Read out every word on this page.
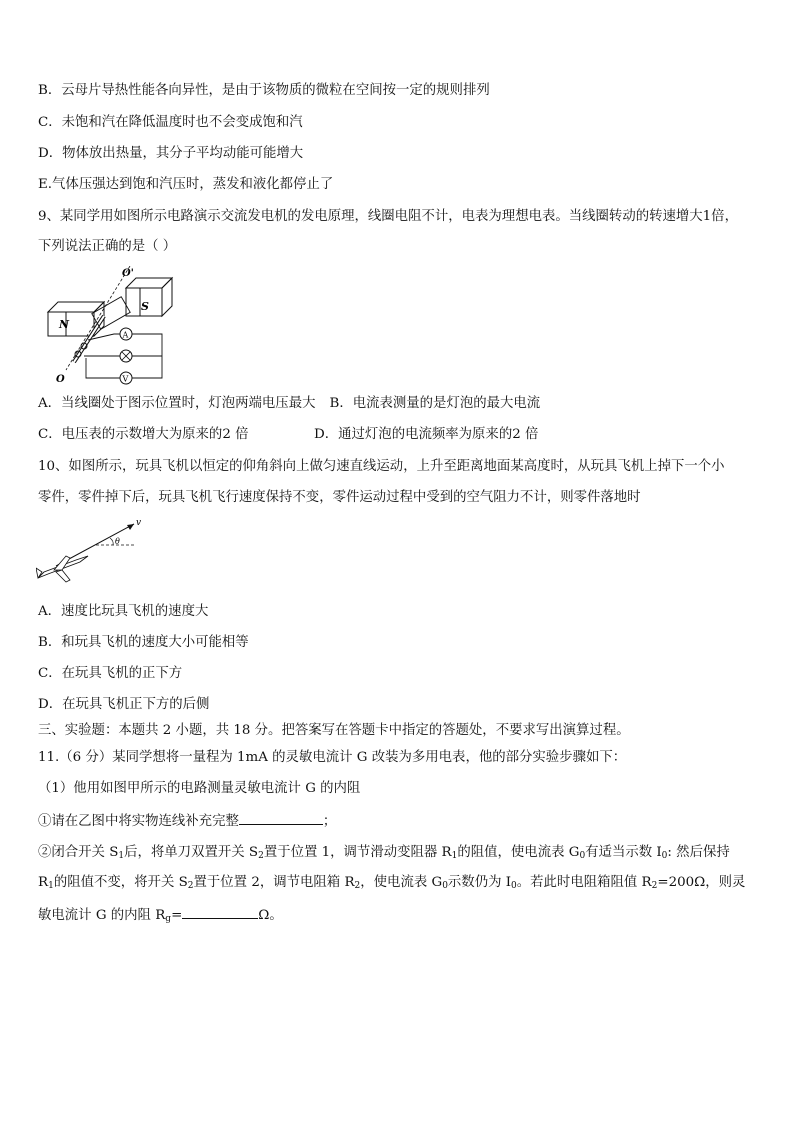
B．云母片导热性能各向异性，是由于该物质的微粒在空间按一定的规则排列
C．未饱和汽在降低温度时也不会变成饱和汽
D．物体放出热量，其分子平均动能可能增大
E.气体压强达到饱和汽压时，蒸发和液化都停止了
9、某同学用如图所示电路演示交流发电机的发电原理，线圈电阻不计，电表为理想电表。当线圈转动的转速增大1倍，
下列说法正确的是（ ）
N
S
O'
O
A
V
A．当线圈处于图示位置时，灯泡两端电压最大 B．电流表测量的是灯泡的最大电流
C．电压表的示数增大为原来的2 倍	D．通过灯泡的电流频率为原来的2 倍
10、如图所示，玩具飞机以恒定的仰角斜向上做匀速直线运动，上升至距离地面某高度时，从玩具飞机上掉下一个小
零件，零件掉下后，玩具飞机飞行速度保持不变，零件运动过程中受到的空气阻力不计，则零件落地时
v
θ
A．速度比玩具飞机的速度大
B．和玩具飞机的速度大小可能相等
C．在玩具飞机的正下方
D．在玩具飞机正下方的后侧
三、实验题：本题共 2 小题，共 18 分。把答案写在答题卡中指定的答题处，不要求写出演算过程。
11.（6 分）某同学想将一量程为 1mA 的灵敏电流计 G 改装为多用电表，他的部分实验步骤如下：
（1）他用如图甲所示的电路测量灵敏电流计 G 的内阻
①请在乙图中将实物连线补充完整	；
②闭合开关 $S_1$后，将单刀双置开关 $S_2$置于位置 1，调节滑动变阻器 $R_1$的阻值，使电流表 $G_0$有适当示数 $I_0$: 然后保持
$R_1$的阻值不变，将开关 $S_2$置于位置 2，调节电阻箱 $R_2$，使电流表 $G_0$示数仍为 $I_0$。若此时电阻箱阻值 $R_2=200\Omega$，则灵
敏电流计 G 的内阻 $R_g=$	Ω。
